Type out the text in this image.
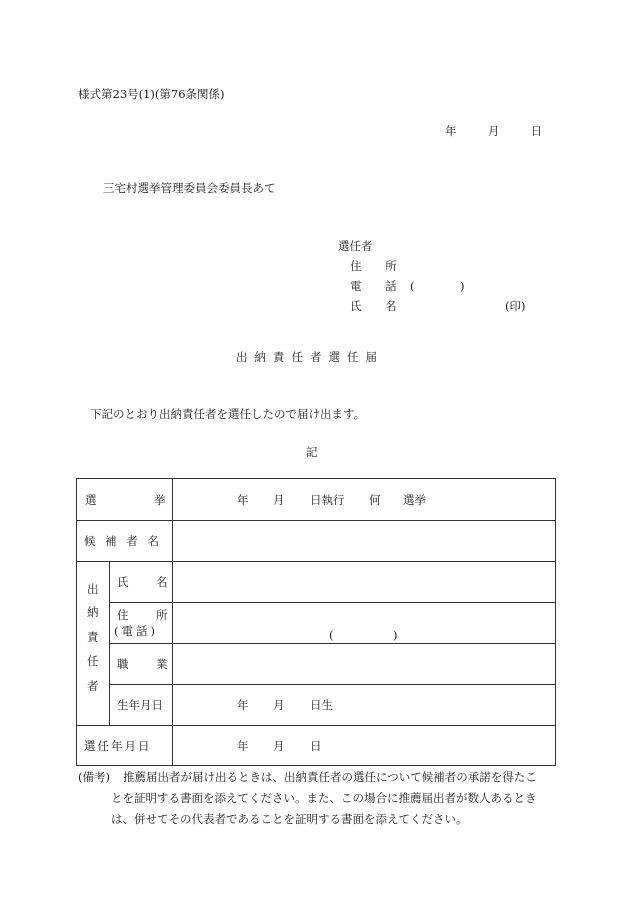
様式第23号(1)(第76条関係)
年	月	日
三宅村選挙管理委員会委員長あて
選任者
住 所
電 話 (	)
氏 名	(印)
出納責任者選任届
下記のとおり出納責任者を選任したので届け出ます。
記
選	挙	年 月 日執行 何 選挙
候 補 者 名
出
納
責
任
者
氏 名
住 所
(電話)	(	)
職 業
生年月日	年 月 日生
選任年月日	年 月 日
(備考) 推薦届出者が届け出るときは、出納責任者の選任について候補者の承諾を得たこ
とを証明する書面を添えてください。また、この場合に推薦届出者が数人あるとき
は、併せてその代表者であることを証明する書面を添えてください。
